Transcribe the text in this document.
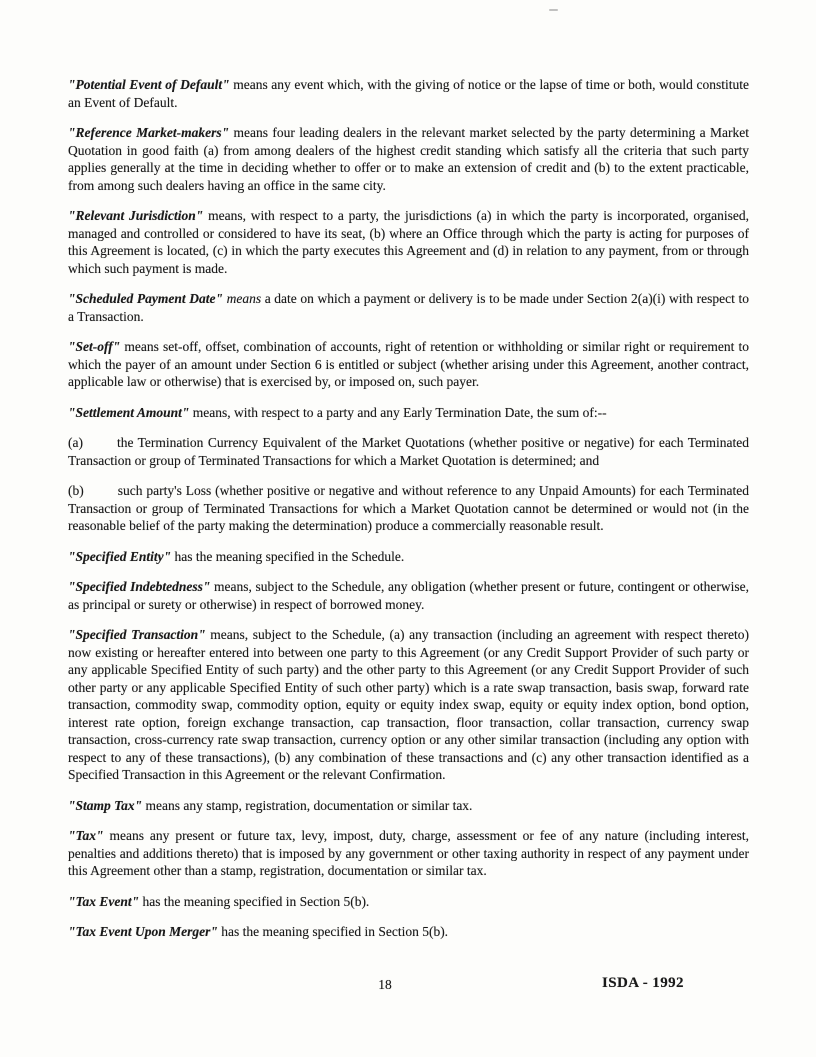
"Potential Event of Default" means any event which, with the giving of notice or the lapse of time or both, would constitute an Event of Default.

"Reference Market-makers" means four leading dealers in the relevant market selected by the party determining a Market Quotation in good faith (a) from among dealers of the highest credit standing which satisfy all the criteria that such party applies generally at the time in deciding whether to offer or to make an extension of credit and (b) to the extent practicable, from among such dealers having an office in the same city.

"Relevant Jurisdiction" means, with respect to a party, the jurisdictions (a) in which the party is incorporated, organised, managed and controlled or considered to have its seat, (b) where an Office through which the party is acting for purposes of this Agreement is located, (c) in which the party executes this Agreement and (d) in relation to any payment, from or through which such payment is made.

"Scheduled Payment Date" means a date on which a payment or delivery is to be made under Section 2(a)(i) with respect to a Transaction.

"Set-off" means set-off, offset, combination of accounts, right of retention or withholding or similar right or requirement to which the payer of an amount under Section 6 is entitled or subject (whether arising under this Agreement, another contract, applicable law or otherwise) that is exercised by, or imposed on, such payer.

"Settlement Amount" means, with respect to a party and any Early Termination Date, the sum of:--

(a)	the Termination Currency Equivalent of the Market Quotations (whether positive or negative) for each Terminated Transaction or group of Terminated Transactions for which a Market Quotation is determined; and

(b)	such party's Loss (whether positive or negative and without reference to any Unpaid Amounts) for each Terminated Transaction or group of Terminated Transactions for which a Market Quotation cannot be determined or would not (in the reasonable belief of the party making the determination) produce a commercially reasonable result.

"Specified Entity" has the meaning specified in the Schedule.

"Specified Indebtedness" means, subject to the Schedule, any obligation (whether present or future, contingent or otherwise, as principal or surety or otherwise) in respect of borrowed money.

"Specified Transaction" means, subject to the Schedule, (a) any transaction (including an agreement with respect thereto) now existing or hereafter entered into between one party to this Agreement (or any Credit Support Provider of such party or any applicable Specified Entity of such party) and the other party to this Agreement (or any Credit Support Provider of such other party or any applicable Specified Entity of such other party) which is a rate swap transaction, basis swap, forward rate transaction, commodity swap, commodity option, equity or equity index swap, equity or equity index option, bond option, interest rate option, foreign exchange transaction, cap transaction, floor transaction, collar transaction, currency swap transaction, cross-currency rate swap transaction, currency option or any other similar transaction (including any option with respect to any of these transactions), (b) any combination of these transactions and (c) any other transaction identified as a Specified Transaction in this Agreement or the relevant Confirmation.

"Stamp Tax" means any stamp, registration, documentation or similar tax.

"Tax" means any present or future tax, levy, impost, duty, charge, assessment or fee of any nature (including interest, penalties and additions thereto) that is imposed by any government or other taxing authority in respect of any payment under this Agreement other than a stamp, registration, documentation or similar tax.

"Tax Event" has the meaning specified in Section 5(b).

"Tax Event Upon Merger" has the meaning specified in Section 5(b).

18	ISDA - 1992
